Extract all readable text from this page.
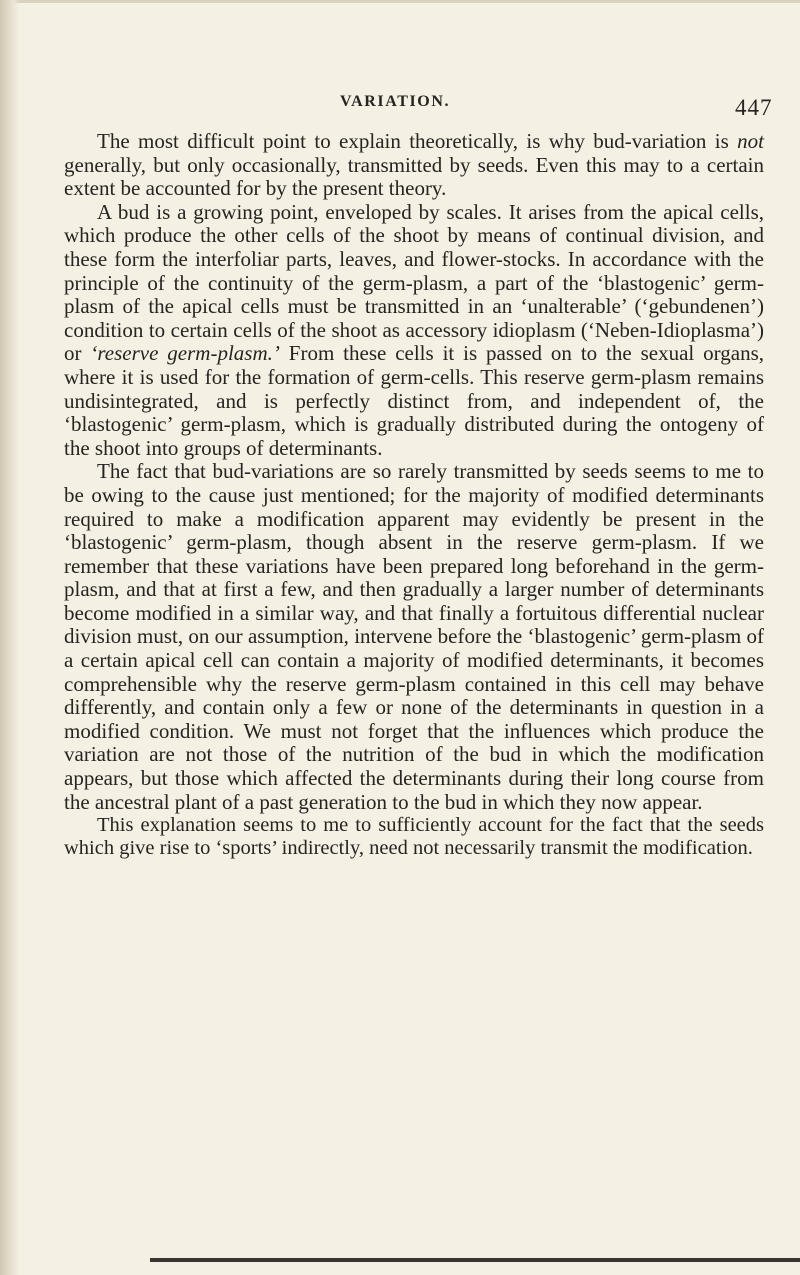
VARIATION.	447

The most difficult point to explain theoretically, is why bud-variation is not generally, but only occasionally, transmitted by seeds. Even this may to a certain extent be accounted for by the present theory.

A bud is a growing point, enveloped by scales. It arises from the apical cells, which produce the other cells of the shoot by means of continual division, and these form the interfoliar parts, leaves, and flower-stocks. In accordance with the principle of the continuity of the germ-plasm, a part of the ‘blastogenic’ germ-plasm of the apical cells must be transmitted in an ‘unalterable’ (‘gebundenen’) condition to certain cells of the shoot as accessory idioplasm (‘Neben-Idioplasma’) or ‘reserve germ-plasm.’ From these cells it is passed on to the sexual organs, where it is used for the formation of germ-cells. This reserve germ-plasm remains undisintegrated, and is perfectly distinct from, and independent of, the ‘blastogenic’ germ-plasm, which is gradually distributed during the ontogeny of the shoot into groups of determinants.

The fact that bud-variations are so rarely transmitted by seeds seems to me to be owing to the cause just mentioned; for the majority of modified determinants required to make a modification apparent may evidently be present in the ‘blastogenic’ germ-plasm, though absent in the reserve germ-plasm. If we remember that these variations have been prepared long beforehand in the germ-plasm, and that at first a few, and then gradually a larger number of determinants become modified in a similar way, and that finally a fortuitous differential nuclear division must, on our assumption, intervene before the ‘blastogenic’ germ-plasm of a certain apical cell can contain a majority of modified determinants, it becomes comprehensible why the reserve germ-plasm contained in this cell may behave differently, and contain only a few or none of the determinants in question in a modified condition. We must not forget that the influences which produce the variation are not those of the nutrition of the bud in which the modification appears, but those which affected the determinants during their long course from the ancestral plant of a past generation to the bud in which they now appear.

This explanation seems to me to sufficiently account for the fact that the seeds which give rise to ‘sports’ indirectly, need not necessarily transmit the modification.
